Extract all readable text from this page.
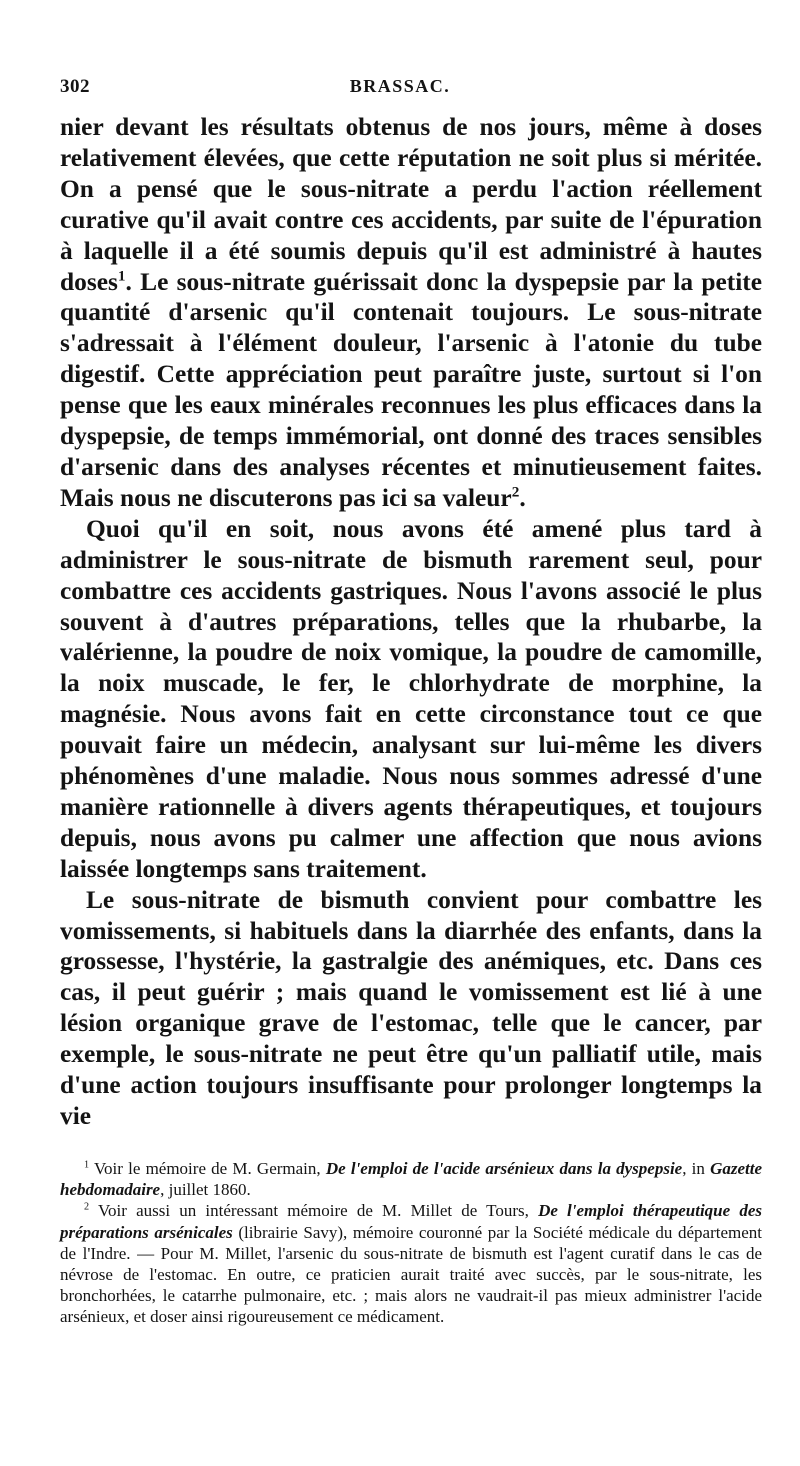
302	BRASSAC.

nier devant les résultats obtenus de nos jours, même à doses relativement élevées, que cette réputation ne soit plus si méritée. On a pensé que le sous-nitrate a perdu l'action réellement curative qu'il avait contre ces accidents, par suite de l'épuration à laquelle il a été soumis depuis qu'il est administré à hautes doses$^1$. Le sous-nitrate guérissait donc la dyspepsie par la petite quantité d'arsenic qu'il contenait toujours. Le sous-nitrate s'adressait à l'élément douleur, l'arsenic à l'atonie du tube digestif. Cette appréciation peut paraître juste, surtout si l'on pense que les eaux minérales reconnues les plus efficaces dans la dyspepsie, de temps immémorial, ont donné des traces sensibles d'arsenic dans des analyses récentes et minutieusement faites. Mais nous ne discuterons pas ici sa valeur$^2$.

Quoi qu'il en soit, nous avons été amené plus tard à administrer le sous-nitrate de bismuth rarement seul, pour combattre ces accidents gastriques. Nous l'avons associé le plus souvent à d'autres préparations, telles que la rhubarbe, la valérienne, la poudre de noix vomique, la poudre de camomille, la noix muscade, le fer, le chlorhydrate de morphine, la magnésie. Nous avons fait en cette circonstance tout ce que pouvait faire un médecin, analysant sur lui-même les divers phénomènes d'une maladie. Nous nous sommes adressé d'une manière rationnelle à divers agents thérapeutiques, et toujours depuis, nous avons pu calmer une affection que nous avions laissée longtemps sans traitement.

Le sous-nitrate de bismuth convient pour combattre les vomissements, si habituels dans la diarrhée des enfants, dans la grossesse, l'hystérie, la gastralgie des anémiques, etc. Dans ces cas, il peut guérir ; mais quand le vomissement est lié à une lésion organique grave de l'estomac, telle que le cancer, par exemple, le sous-nitrate ne peut être qu'un palliatif utile, mais d'une action toujours insuffisante pour prolonger longtemps la vie

$^1$ Voir le mémoire de M. Germain, De l'emploi de l'acide arsénieux dans la dyspepsie, in Gazette hebdomadaire, juillet 1860.

$^2$ Voir aussi un intéressant mémoire de M. Millet de Tours, De l'emploi thérapeutique des préparations arsénicales (librairie Savy), mémoire couronné par la Société médicale du département de l'Indre. — Pour M. Millet, l'arsenic du sous-nitrate de bismuth est l'agent curatif dans le cas de névrose de l'estomac. En outre, ce praticien aurait traité avec succès, par le sous-nitrate, les bronchorhées, le catarrhe pulmonaire, etc. ; mais alors ne vaudrait-il pas mieux administrer l'acide arsénieux, et doser ainsi rigoureusement ce médicament.
